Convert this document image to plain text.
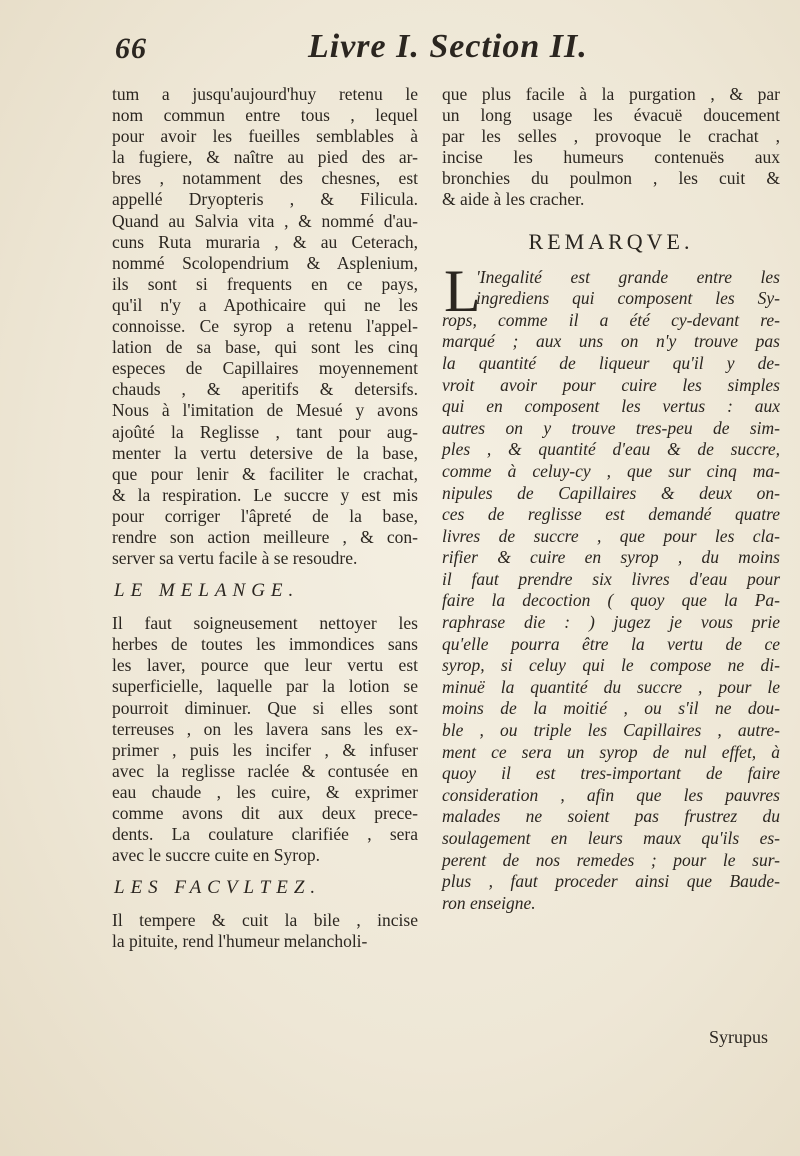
66	Livre I. Section II.
tum a jusqu'aujourd'huy retenu le
nom commun entre tous , lequel
pour avoir les fueilles semblables à
la fugiere, & naître au pied des ar-
bres , notamment des chesnes, est
appellé Dryopteris , & Filicula.
Quand au Salvia vita , & nommé d'au-
cuns Ruta muraria , & au Ceterach,
nommé Scolopendrium & Asplenium,
ils sont si frequents en ce pays,
qu'il n'y a Apothicaire qui ne les
connoisse. Ce syrop a retenu l'appel-
lation de sa base, qui sont les cinq
especes de Capillaires moyennement
chauds , & aperitifs & detersifs.
Nous à l'imitation de Mesué y avons
ajoûté la Reglisse , tant pour aug-
menter la vertu detersive de la base,
que pour lenir & faciliter le crachat,
& la respiration. Le succre y est mis
pour corriger l'âpreté de la base,
rendre son action meilleure , & con-
server sa vertu facile à se resoudre.
LE MELANGE.
Il faut soigneusement nettoyer les
herbes de toutes les immondices sans
les laver, pource que leur vertu est
superficielle, laquelle par la lotion se
pourroit diminuer. Que si elles sont
terreuses , on les lavera sans les ex-
primer , puis les incifer , & infuser
avec la reglisse raclée & contusée en
eau chaude , les cuire, & exprimer
comme avons dit aux deux prece-
dents. La coulature clarifiée , sera
avec le succre cuite en Syrop.
LES FACVLTEZ.
Il tempere & cuit la bile , incise
la pituite, rend l'humeur melancholi-
que plus facile à la purgation , & par
un long usage les évacuë doucement
par les selles , provoque le crachat ,
incise les humeurs contenuës aux
bronchies du poulmon , les cuit &
& aide à les cracher.
REMARQVE.
L
'Inegalité est grande entre les
ingrediens qui composent les Sy-
rops, comme il a été cy-devant re-
marqué ; aux uns on n'y trouve pas
la quantité de liqueur qu'il y de-
vroit avoir pour cuire les simples
qui en composent les vertus : aux
autres on y trouve tres-peu de sim-
ples , & quantité d'eau & de succre,
comme à celuy-cy , que sur cinq ma-
nipules de Capillaires & deux on-
ces de reglisse est demandé quatre
livres de succre , que pour les cla-
rifier & cuire en syrop , du moins
il faut prendre six livres d'eau pour
faire la decoction ( quoy que la Pa-
raphrase die : ) jugez je vous prie
qu'elle pourra être la vertu de ce
syrop, si celuy qui le compose ne di-
minuë la quantité du succre , pour le
moins de la moitié , ou s'il ne dou-
ble , ou triple les Capillaires , autre-
ment ce sera un syrop de nul effet, à
quoy il est tres-important de faire
consideration , afin que les pauvres
malades ne soient pas frustrez du
soulagement en leurs maux qu'ils es-
perent de nos remedes ; pour le sur-
plus , faut proceder ainsi que Baude-
ron enseigne.
Syrupus
